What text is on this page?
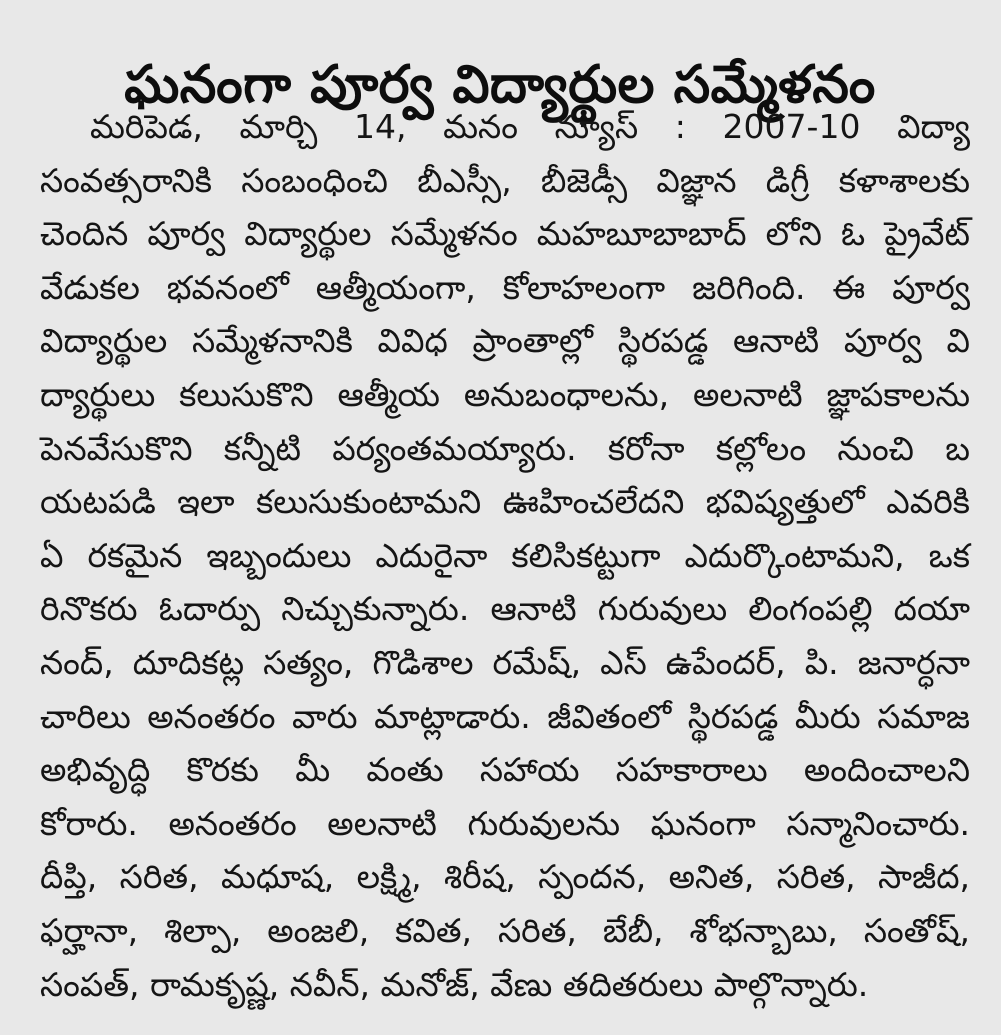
ఘనంగా పూర్వ విద్యార్థుల సమ్మేళనం
మరిపెడ, మార్చి 14, మనం న్యూస్ : 2007-10 విద్యా
సంవత్సరానికి సంబంధించి బీఎస్సీ, బీజెడ్సీ విజ్ఞాన డిగ్రీ కళాశాలకు
చెందిన పూర్వ విద్యార్థుల సమ్మేళనం మహబూబాబాద్ లోని ఓ ప్రైవేట్
వేడుకల భవనంలో ఆత్మీయంగా, కోలాహలంగా జరిగింది. ఈ పూర్వ
విద్యార్థుల సమ్మేళనానికి వివిధ ప్రాంతాల్లో స్థిరపడ్డ ఆనాటి పూర్వ వి
ద్యార్థులు కలుసుకొని ఆత్మీయ అనుబంధాలను, అలనాటి జ్ఞాపకాలను
పెనవేసుకొని కన్నీటి పర్యంతమయ్యారు. కరోనా కల్లోలం నుంచి బ
యటపడి ఇలా కలుసుకుంటామని ఊహించలేదని భవిష్యత్తులో ఎవరికి
ఏ రకమైన ఇబ్బందులు ఎదురైనా కలిసికట్టుగా ఎదుర్కొంటామని, ఒక
రినొకరు ఓదార్పు నిచ్చుకున్నారు. ఆనాటి గురువులు లింగంపల్లి దయా
నంద్, దూదికట్ల సత్యం, గొడిశాల రమేష్, ఎస్ ఉపేందర్, పి. జనార్ధనా
చారిలు అనంతరం వారు మాట్లాడారు. జీవితంలో స్థిరపడ్డ మీరు సమాజ
అభివృద్ధి కొరకు మీ వంతు సహాయ సహకారాలు అందించాలని
కోరారు. అనంతరం అలనాటి గురువులను ఘనంగా సన్మానించారు.
దీప్తి, సరిత, మధూష, లక్ష్మి, శిరీష, స్పందన, అనిత, సరిత, సాజీద,
ఫర్హానా, శిల్పా, అంజలి, కవిత, సరిత, బేబీ, శోభన్బాబు, సంతోష్,
సంపత్, రామకృష్ణ, నవీన్, మనోజ్, వేణు తదితరులు పాల్గొన్నారు.
